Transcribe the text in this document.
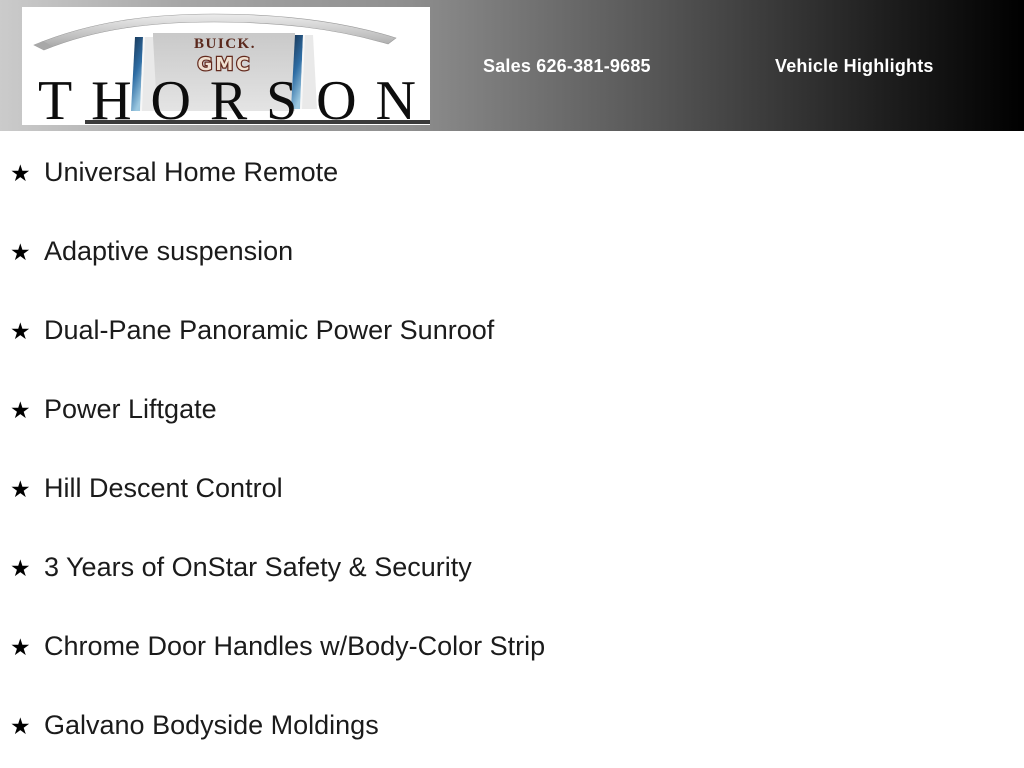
BUICK.
GMC
THORSON
Sales 626-381-9685	Vehicle Highlights
★ Universal Home Remote
★ Adaptive suspension
★ Dual-Pane Panoramic Power Sunroof
★ Power Liftgate
★ Hill Descent Control
★ 3 Years of OnStar Safety & Security
★ Chrome Door Handles w/Body-Color Strip
★ Galvano Bodyside Moldings
